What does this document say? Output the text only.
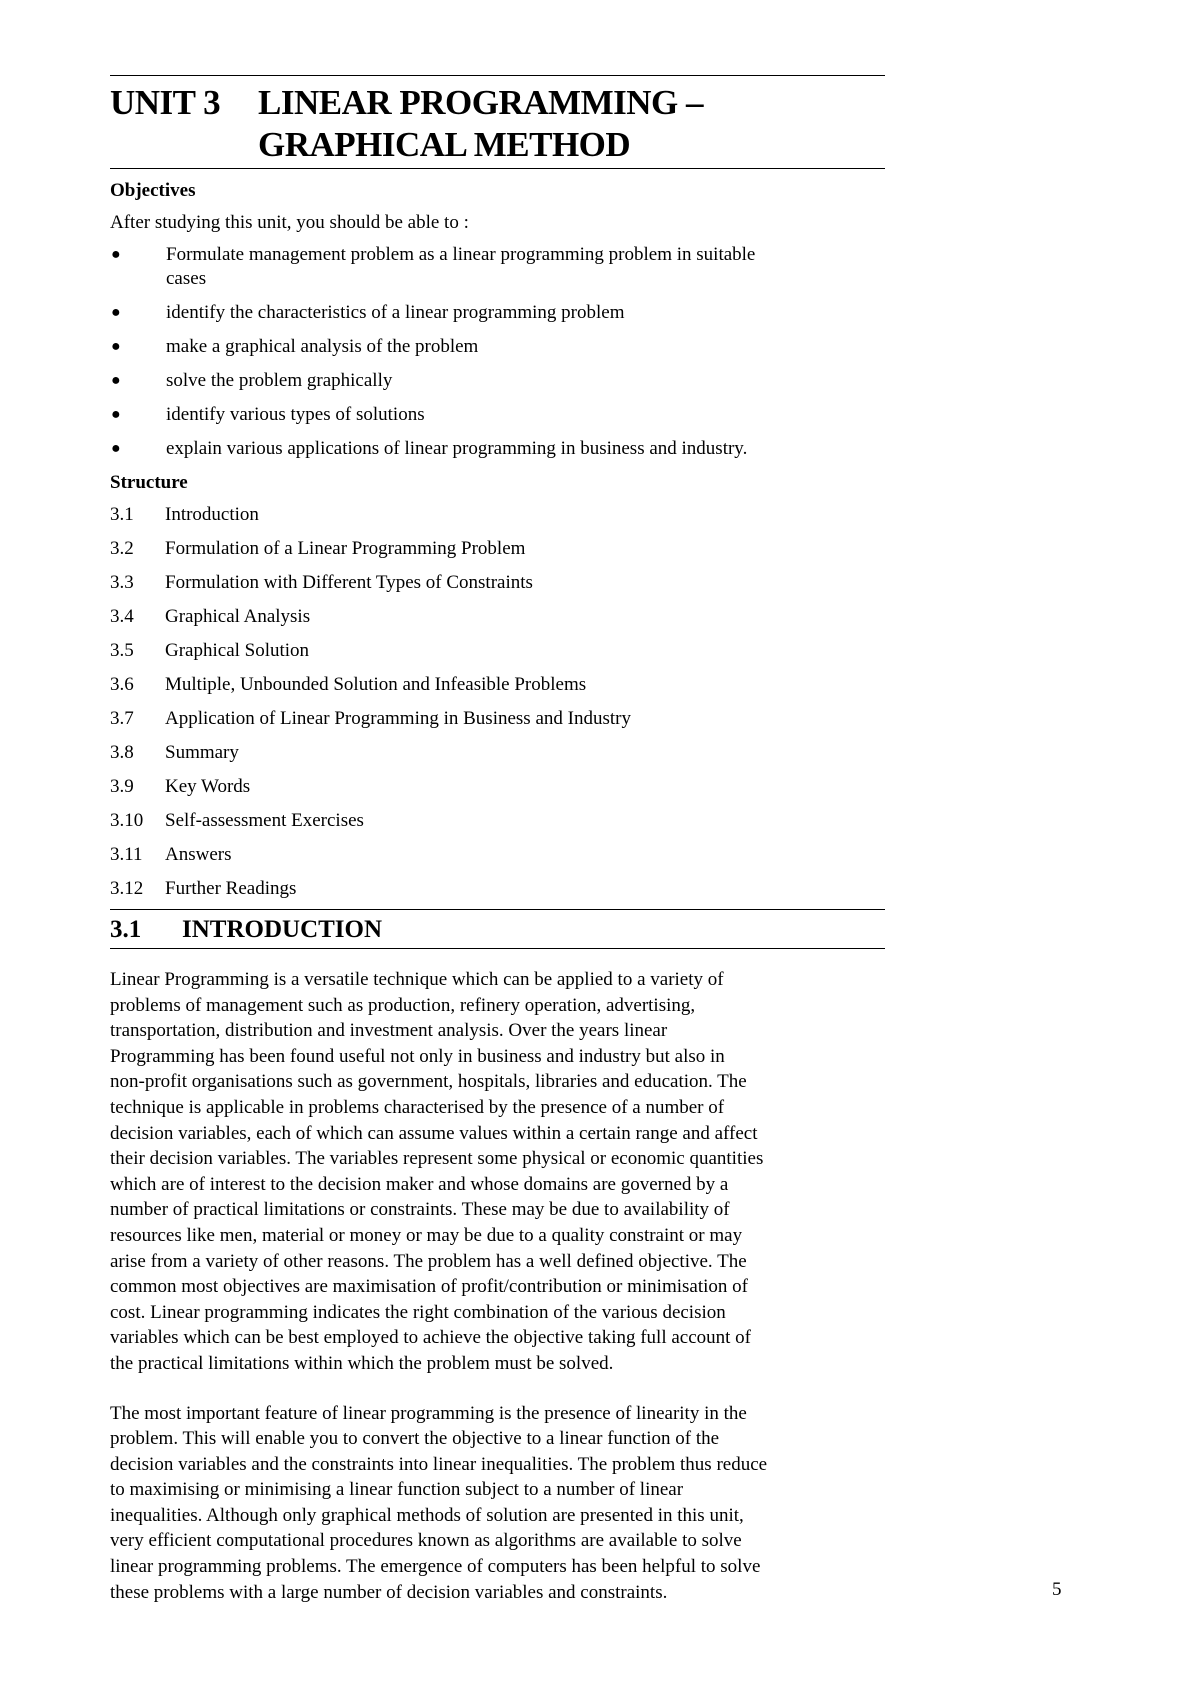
UNIT 3	LINEAR PROGRAMMING –
GRAPHICAL METHOD
Objectives
After studying this unit, you should be able to :
●	Formulate management problem as a linear programming problem in suitable
cases
●	identify the characteristics of a linear programming problem
●	make a graphical analysis of the problem
●	solve the problem graphically
●	identify various types of solutions
●	explain various applications of linear programming in business and industry.
Structure
3.1	Introduction
3.2	Formulation of a Linear Programming Problem
3.3	Formulation with Different Types of Constraints
3.4	Graphical Analysis
3.5	Graphical Solution
3.6	Multiple, Unbounded Solution and Infeasible Problems
3.7	Application of Linear Programming in Business and Industry
3.8	Summary
3.9	Key Words
3.10	Self-assessment Exercises
3.11	Answers
3.12	Further Readings
3.1	INTRODUCTION
Linear Programming is a versatile technique which can be applied to a variety of
problems of management such as production, refinery operation, advertising,
transportation, distribution and investment analysis. Over the years linear
Programming has been found useful not only in business and industry but also in
non-profit organisations such as government, hospitals, libraries and education. The
technique is applicable in problems characterised by the presence of a number of
decision variables, each of which can assume values within a certain range and affect
their decision variables. The variables represent some physical or economic quantities
which are of interest to the decision maker and whose domains are governed by a
number of practical limitations or constraints. These may be due to availability of
resources like men, material or money or may be due to a quality constraint or may
arise from a variety of other reasons. The problem has a well defined objective. The
common most objectives are maximisation of profit/contribution or minimisation of
cost. Linear programming indicates the right combination of the various decision
variables which can be best employed to achieve the objective taking full account of
the practical limitations within which the problem must be solved.
The most important feature of linear programming is the presence of linearity in the
problem. This will enable you to convert the objective to a linear function of the
decision variables and the constraints into linear inequalities. The problem thus reduce
to maximising or minimising a linear function subject to a number of linear
inequalities. Although only graphical methods of solution are presented in this unit,
very efficient computational procedures known as algorithms are available to solve
linear programming problems. The emergence of computers has been helpful to solve
these problems with a large number of decision variables and constraints.	5
